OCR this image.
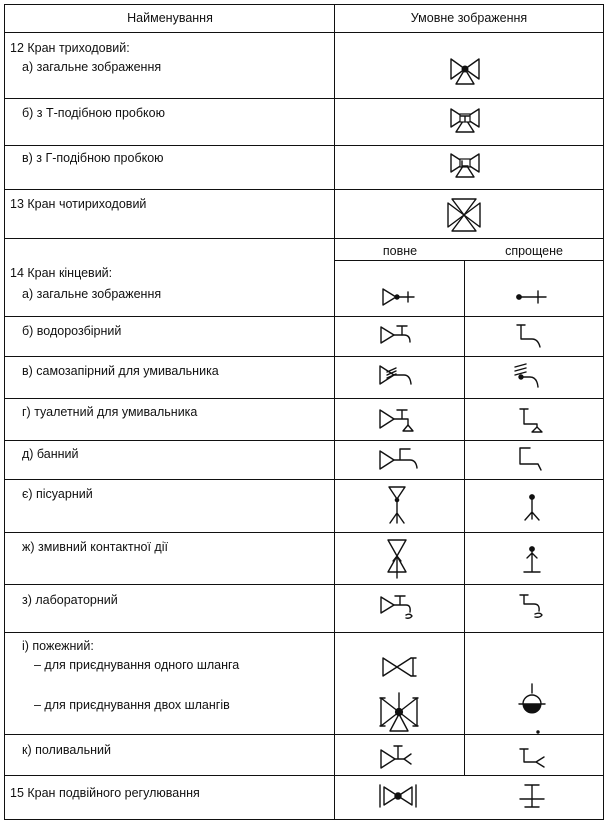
Найменування	Умовне зображення
повне	спрощене
12 Кран триходовий:
а) загальне зображення
б) з Т-подібною пробкою
в) з Г-подібною пробкою
13 Кран чотириходовий
14 Кран кінцевий:
а) загальне зображення
б) водорозбірний
в) самозапірний для умивальника
г) туалетний для умивальника
д) банний
є) пісуарний
ж) змивний контактної дії
з) лабораторний
і) пожежний:
– для приєднування одного шланга
– для приєднування двох шлангів
к) поливальний
15 Кран подвійного регулювання
